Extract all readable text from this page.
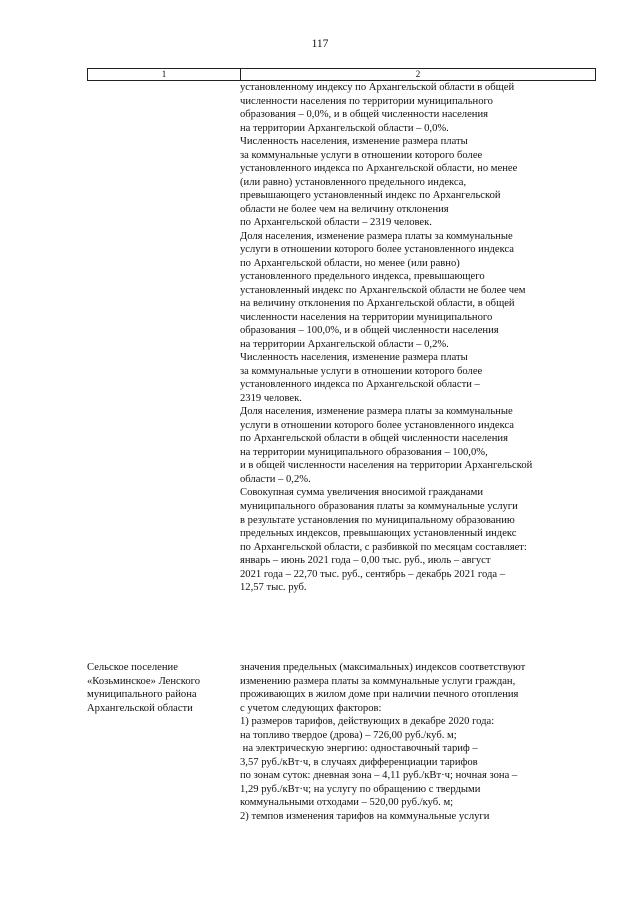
117
1	2
установленному индексу по Архангельской области в общей
численности населения по территории муниципального
образования – 0,0%, и в общей численности населения
на территории Архангельской области – 0,0%.
Численность населения, изменение размера платы
за коммунальные услуги в отношении которого более
установленного индекса по Архангельской области, но менее
(или равно) установленного предельного индекса,
превышающего установленный индекс по Архангельской
области не более чем на величину отклонения
по Архангельской области – 2319 человек.
Доля населения, изменение размера платы за коммунальные
услуги в отношении которого более установленного индекса
по Архангельской области, но менее (или равно)
установленного предельного индекса, превышающего
установленный индекс по Архангельской области не более чем
на величину отклонения по Архангельской области, в общей
численности населения на территории муниципального
образования – 100,0%, и в общей численности населения
на территории Архангельской области – 0,2%.
Численность населения, изменение размера платы
за коммунальные услуги в отношении которого более
установленного индекса по Архангельской области –
2319 человек.
Доля населения, изменение размера платы за коммунальные
услуги в отношении которого более установленного индекса
по Архангельской области в общей численности населения
на территории муниципального образования – 100,0%,
и в общей численности населения на территории Архангельской
области – 0,2%.
Совокупная сумма увеличения вносимой гражданами
муниципального образования платы за коммунальные услуги
в результате установления по муниципальному образованию
предельных индексов, превышающих установленный индекс
по Архангельской области, с разбивкой по месяцам составляет:
январь – июнь 2021 года – 0,00 тыс. руб., июль – август
2021 года – 22,70 тыс. руб., сентябрь – декабрь 2021 года –
12,57 тыс. руб.
Сельское поселение
«Козьминское» Ленского
муниципального района
Архангельской области
значения предельных (максимальных) индексов соответствуют
изменению размера платы за коммунальные услуги граждан,
проживающих в жилом доме при наличии печного отопления
с учетом следующих факторов:
1) размеров тарифов, действующих в декабре 2020 года:
на топливо твердое (дрова) – 726,00 руб./куб. м;
на электрическую энергию: одноставочный тариф –
3,57 руб./кВт·ч, в случаях дифференциации тарифов
по зонам суток: дневная зона – 4,11 руб./кВт·ч; ночная зона –
1,29 руб./кВт·ч; на услугу по обращению с твердыми
коммунальными отходами – 520,00 руб./куб. м;
2) темпов изменения тарифов на коммунальные услуги
